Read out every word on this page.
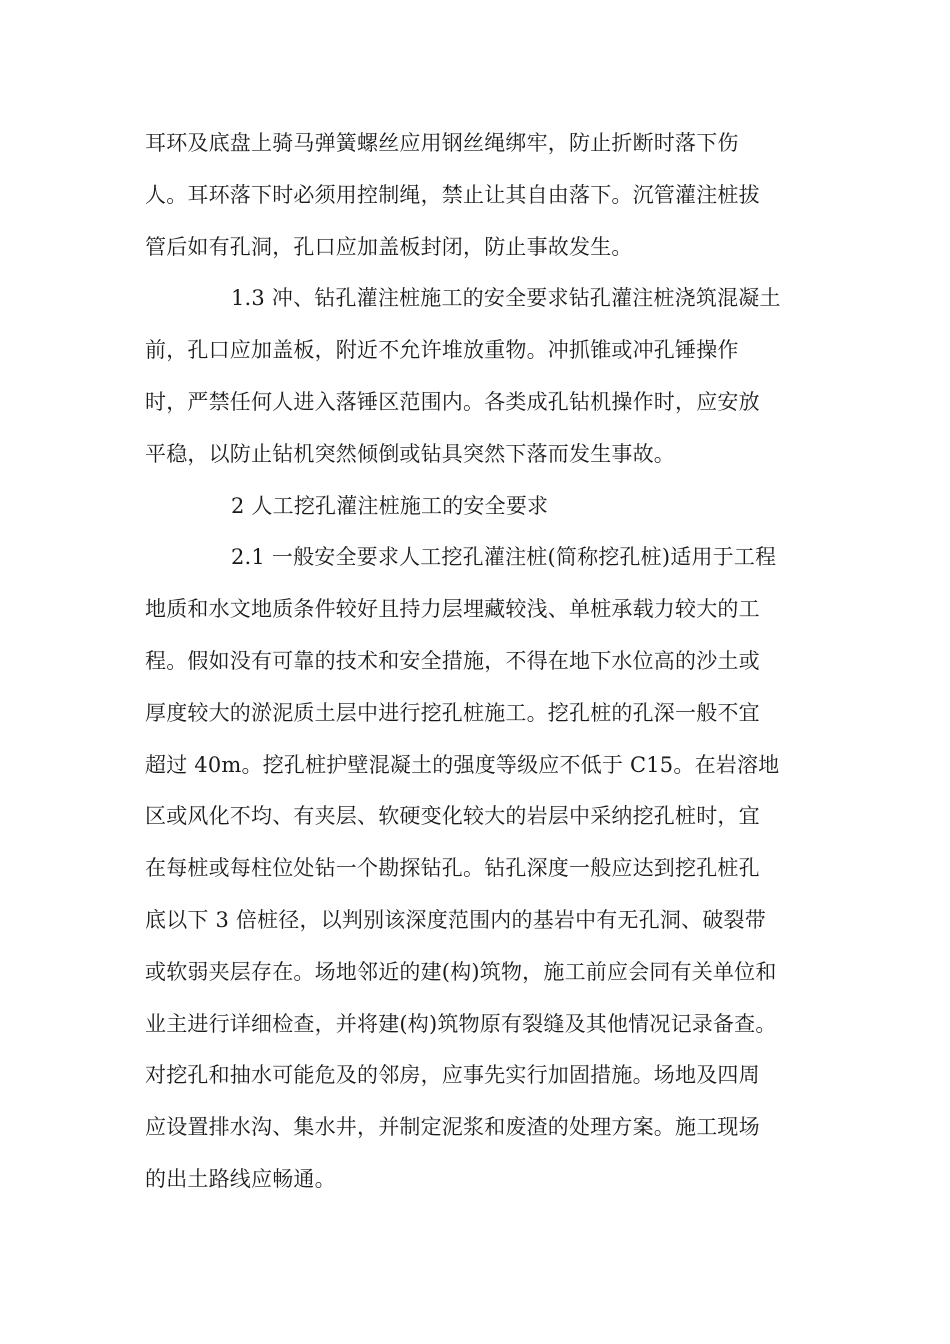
耳环及底盘上骑马弹簧螺丝应用钢丝绳绑牢，防止折断时落下伤
人。耳环落下时必须用控制绳，禁止让其自由落下。沉管灌注桩拔
管后如有孔洞，孔口应加盖板封闭，防止事故发生。
1.3 冲、钻孔灌注桩施工的安全要求钻孔灌注桩浇筑混凝土
前，孔口应加盖板，附近不允许堆放重物。冲抓锥或冲孔锤操作
时，严禁任何人进入落锤区范围内。各类成孔钻机操作时，应安放
平稳，以防止钻机突然倾倒或钻具突然下落而发生事故。
2 人工挖孔灌注桩施工的安全要求
2.1 一般安全要求人工挖孔灌注桩(简称挖孔桩)适用于工程
地质和水文地质条件较好且持力层埋藏较浅、单桩承载力较大的工
程。假如没有可靠的技术和安全措施，不得在地下水位高的沙土或
厚度较大的淤泥质土层中进行挖孔桩施工。挖孔桩的孔深一般不宜
超过 40m。挖孔桩护壁混凝土的强度等级应不低于 C15。在岩溶地
区或风化不均、有夹层、软硬变化较大的岩层中采纳挖孔桩时，宜
在每桩或每柱位处钻一个勘探钻孔。钻孔深度一般应达到挖孔桩孔
底以下 3 倍桩径，以判别该深度范围内的基岩中有无孔洞、破裂带
或软弱夹层存在。场地邻近的建(构)筑物，施工前应会同有关单位和
业主进行详细检查，并将建(构)筑物原有裂缝及其他情况记录备查。
对挖孔和抽水可能危及的邻房，应事先实行加固措施。场地及四周
应设置排水沟、集水井，并制定泥浆和废渣的处理方案。施工现场
的出土路线应畅通。
